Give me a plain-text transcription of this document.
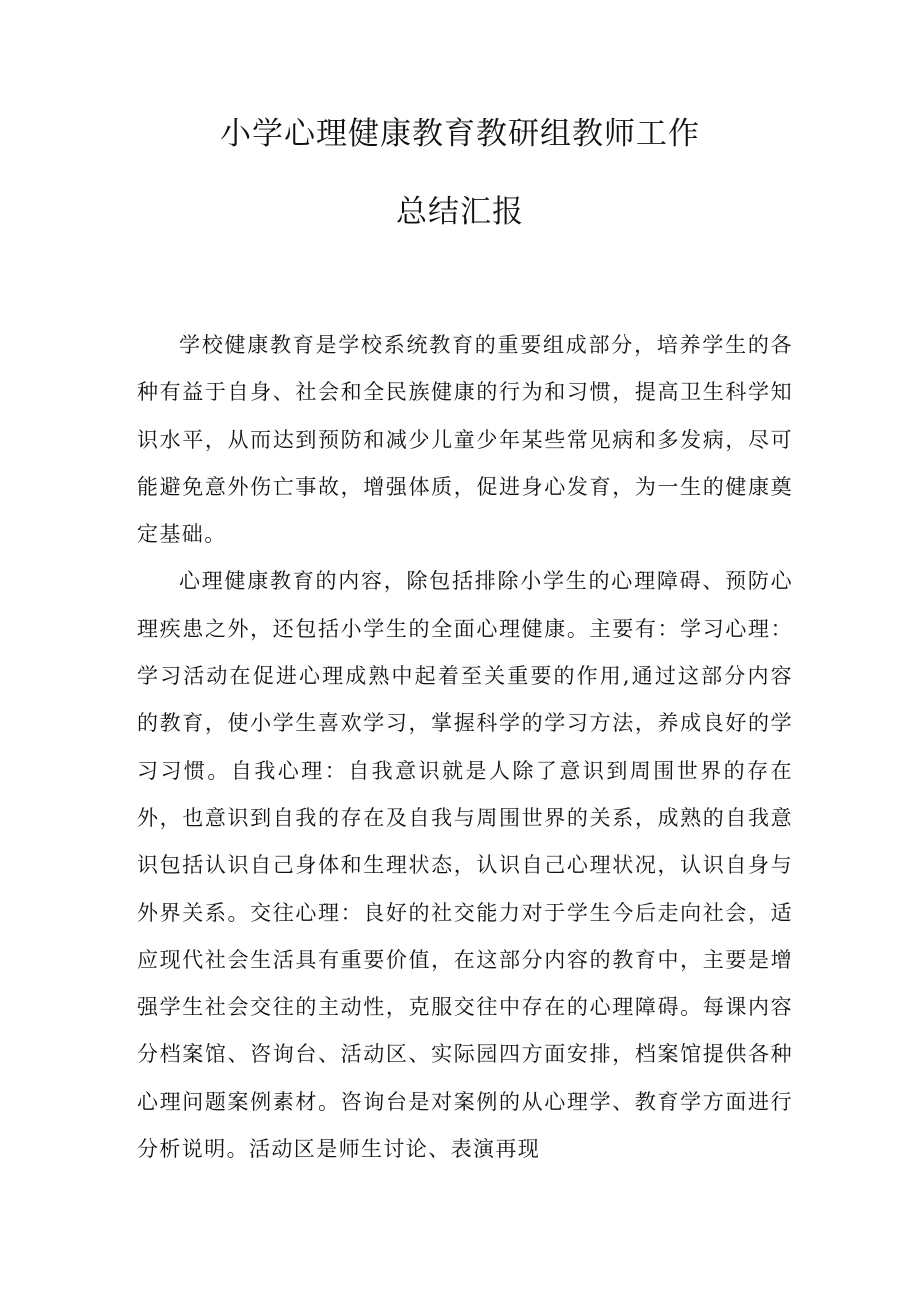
小学心理健康教育教研组教师工作
总结汇报

学校健康教育是学校系统教育的重要组成部分，培养学生的各种有益于自身、社会和全民族健康的行为和习惯，提高卫生科学知识水平，从而达到预防和减少儿童少年某些常见病和多发病，尽可能避免意外伤亡事故，增强体质，促进身心发育，为一生的健康奠定基础。

心理健康教育的内容，除包括排除小学生的心理障碍、预防心理疾患之外，还包括小学生的全面心理健康。主要有：学习心理：学习活动在促进心理成熟中起着至关重要的作用,通过这部分内容的教育，使小学生喜欢学习，掌握科学的学习方法，养成良好的学习习惯。自我心理：自我意识就是人除了意识到周围世界的存在外，也意识到自我的存在及自我与周围世界的关系，成熟的自我意识包括认识自己身体和生理状态，认识自己心理状况，认识自身与外界关系。交往心理：良好的社交能力对于学生今后走向社会，适应现代社会生活具有重要价值，在这部分内容的教育中，主要是增强学生社会交往的主动性，克服交往中存在的心理障碍。每课内容分档案馆、咨询台、活动区、实际园四方面安排，档案馆提供各种心理问题案例素材。咨询台是对案例的从心理学、教育学方面进行分析说明。活动区是师生讨论、表演再现
